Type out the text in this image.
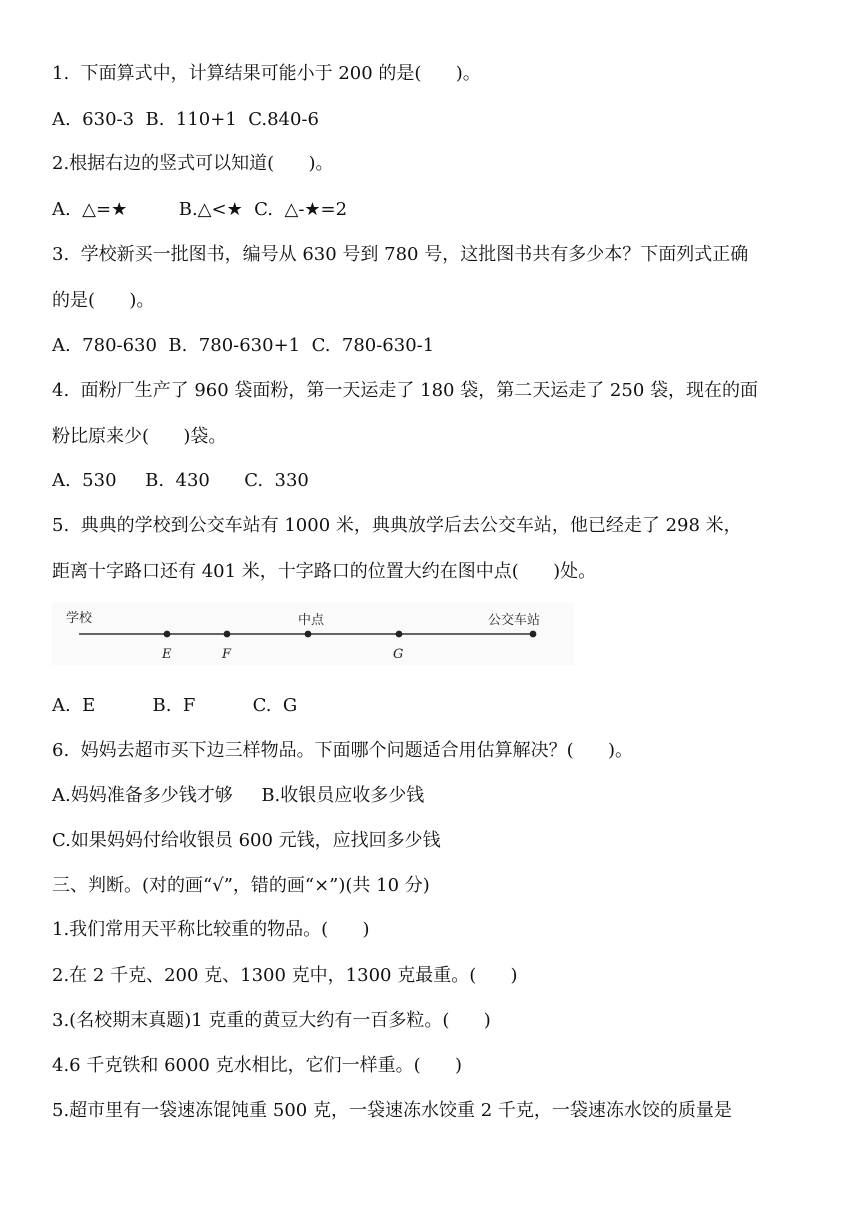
1.  下面算式中，计算结果可能小于 200 的是(      )。
A.  630-3  B.  110+1  C.840-6
2.根据右边的竖式可以知道(      )。
A.  △=★         B.△<★  C.  △-★=2
3.  学校新买一批图书，编号从 630 号到 780 号，这批图书共有多少本？下面列式正确
的是(      )。
A.  780-630  B.  780-630+1  C.  780-630-1
4.  面粉厂生产了 960 袋面粉，第一天运走了 180 袋，第二天运走了 250 袋，现在的面
粉比原来少(      )袋。
A.  530     B.  430      C.  330
5.  典典的学校到公交车站有 1000 米，典典放学后去公交车站，他已经走了 298 米，
距离十字路口还有 401 米，十字路口的位置大约在图中点(      )处。
学校	中点	公交车站
E	F	G
A.  E          B.  F          C.  G
6.  妈妈去超市买下边三样物品。下面哪个问题适合用估算解决？(      )。
A.妈妈准备多少钱才够     B.收银员应收多少钱
C.如果妈妈付给收银员 600 元钱，应找回多少钱
三、判断。(对的画“√”，错的画“×”)(共 10 分)
1.我们常用天平称比较重的物品。(      )
2.在 2 千克、200 克、1300 克中，1300 克最重。(      )
3.(名校期末真题)1 克重的黄豆大约有一百多粒。(      )
4.6 千克铁和 6000 克水相比，它们一样重。(      )
5.超市里有一袋速冻馄饨重 500 克，一袋速冻水饺重 2 千克，一袋速冻水饺的质量是
